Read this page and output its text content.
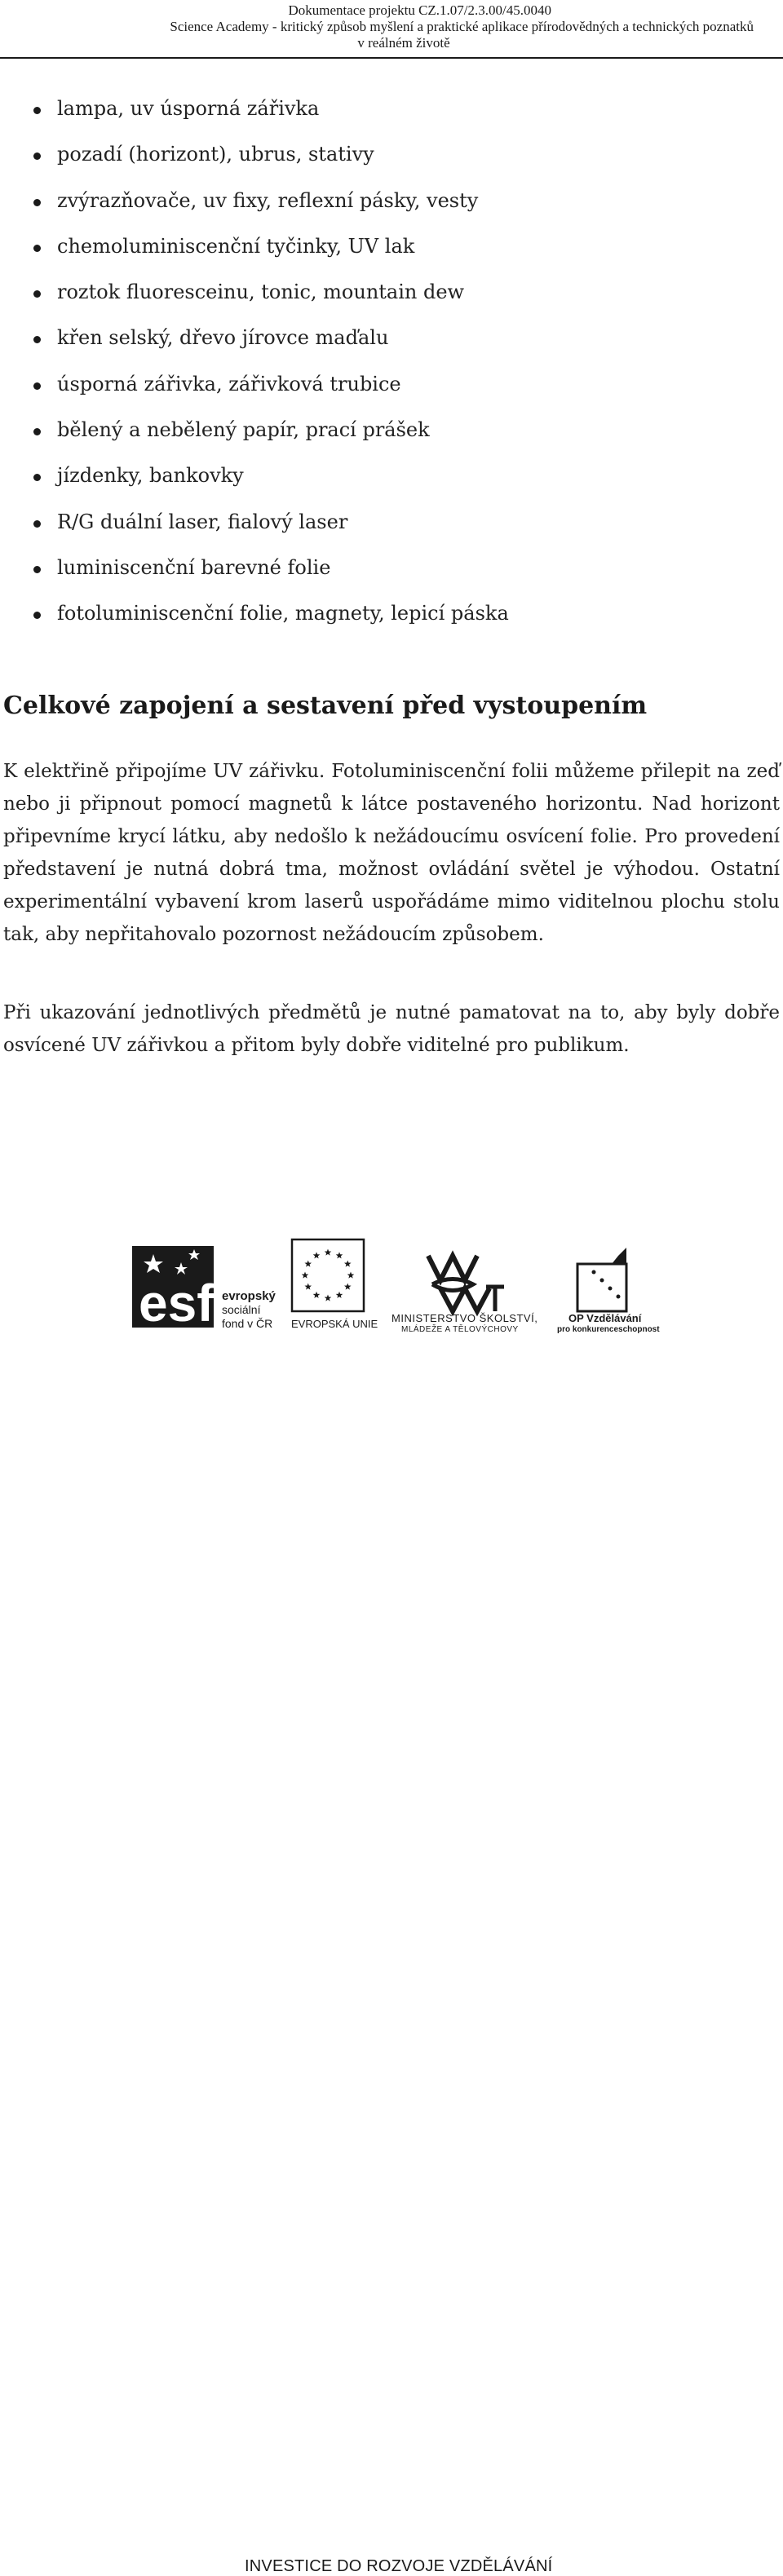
Dokumentace projektu CZ.1.07/2.3.00/45.0040
Science Academy - kritický způsob myšlení a praktické aplikace přírodovědných a technických poznatků
v reálném životě
lampa, uv úsporná zářivka
pozadí (horizont), ubrus, stativy
zvýrazňovače, uv fixy, reflexní pásky, vesty
chemoluminiscenční tyčinky, UV lak
roztok fluoresceinu, tonic, mountain dew
křen selský, dřevo jírovce maďalu
úsporná zářivka, zářivková trubice
bělený a nebělený papír, prací prášek
jízdenky, bankovky
R/G duální laser, fialový laser
luminiscenční barevné folie
fotoluminiscenční folie, magnety, lepicí páska
Celkové zapojení a sestavení před vystoupením

K elektřině připojíme UV zářivku. Fotoluminiscenční folii můžeme přilepit na zeď nebo ji připnout pomocí magnetů k látce postaveného horizontu. Nad horizont připevníme krycí látku, aby nedošlo k nežádoucímu osvícení folie. Pro provedení představení je nutná dobrá tma, možnost ovládání světel je výhodou. Ostatní experimentální vybavení krom laserů uspořádáme mimo viditelnou plochu stolu tak, aby nepřitahovalo pozornost nežádoucím způsobem.

Při ukazování jednotlivých předmětů je nutné pamatovat na to, aby byly dobře osvícené UV zářivkou a přitom byly dobře viditelné pro publikum.

esf evropský
sociální
fond v ČR EVROPSKÁ UNIE MINISTERSTVO ŠKOLSTVÍ,
MLÁDEŽE A TĚLOVÝCHOVY
OP Vzdělávání
pro konkurenceschopnost
INVESTICE DO ROZVOJE VZDĚLÁVÁNÍ
